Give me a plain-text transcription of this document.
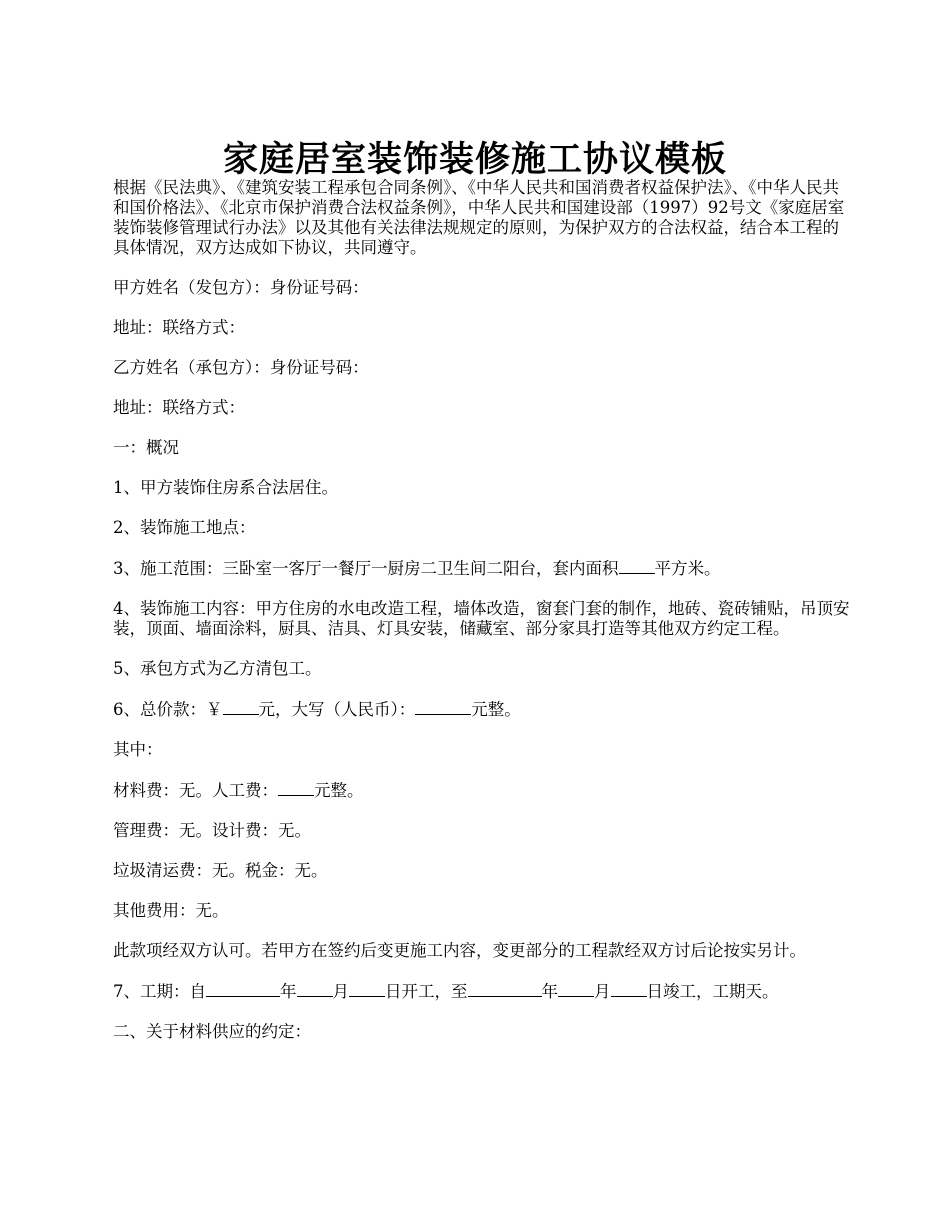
家庭居室装饰装修施工协议模板

根据《民法典》、《建筑安装工程承包合同条例》、《中华人民共和国消费者权益保护法》、《中华人民共和国价格法》、《北京市保护消费合法权益条例》，中华人民共和国建设部（1997）92号文《家庭居室装饰装修管理试行办法》以及其他有关法律法规规定的原则，为保护双方的合法权益，结合本工程的具体情况，双方达成如下协议，共同遵守。

甲方姓名（发包方）：身份证号码：

地址：联络方式：

乙方姓名（承包方）：身份证号码：

地址：联络方式：

一：概况

1、甲方装饰住房系合法居住。

2、装饰施工地点：

3、施工范围：三卧室一客厅一餐厅一厨房二卫生间二阳台，套内面积 平方米。

4、装饰施工内容：甲方住房的水电改造工程，墙体改造，窗套门套的制作，地砖、瓷砖铺贴，吊顶安装，顶面、墙面涂料，厨具、洁具、灯具安装，储藏室、部分家具打造等其他双方约定工程。

5、承包方式为乙方清包工。

6、总价款：￥ 元，大写（人民币）：	元整。

其中：

材料费：无。人工费： 元整。

管理费：无。设计费：无。

垃圾清运费：无。税金：无。

其他费用：无。

此款项经双方认可。若甲方在签约后变更施工内容，变更部分的工程款经双方讨后论按实另计。

7、工期：自	年 月 日开工，至	年 月 日竣工，工期天。

二、关于材料供应的约定：
